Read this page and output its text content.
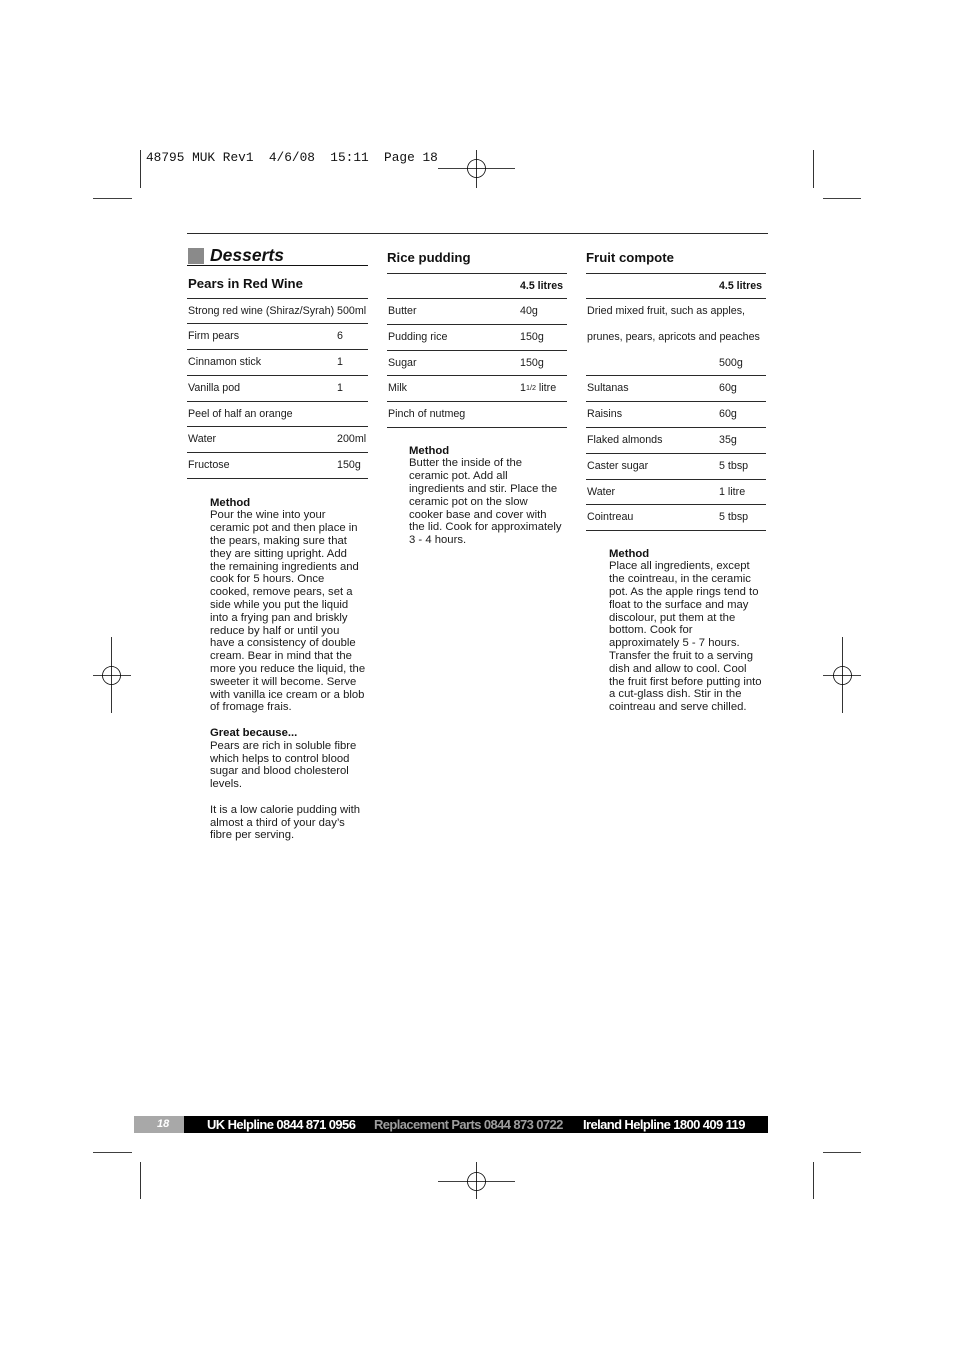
48795 MUK Rev1  4/6/08  15:11  Page 18
Desserts
Pears in Red Wine
Strong red wine (Shiraz/Syrah) 500ml
Firm pears	6
Cinnamon stick	1
Vanilla pod	1
Peel of half an orange
Water	200ml
Fructose	150g
Method
Pour the wine into your
ceramic pot and then place in
the pears, making sure that
they are sitting upright. Add
the remaining ingredients and
cook for 5 hours. Once
cooked, remove pears, set a
side while you put the liquid
into a frying pan and briskly
reduce by half or until you
have a consistency of double
cream. Bear in mind that the
more you reduce the liquid, the
sweeter it will become. Serve
with vanilla ice cream or a blob
of fromage frais.
Great because...
Pears are rich in soluble fibre
which helps to control blood
sugar and blood cholesterol
levels.
It is a low calorie pudding with
almost a third of your day’s
fibre per serving.
Rice pudding
4.5 litres
Butter	40g
Pudding rice	150g
Sugar	150g
Milk	11/2 litre
Pinch of nutmeg
Method
Butter the inside of the
ceramic pot. Add all
ingredients and stir. Place the
ceramic pot on the slow
cooker base and cover with
the lid. Cook for approximately
3 - 4 hours.
Fruit compote
4.5 litres
Dried mixed fruit, such as apples,
prunes, pears, apricots and peaches
500g
Sultanas	60g
Raisins	60g
Flaked almonds	35g
Caster sugar	5 tbsp
Water	1 litre
Cointreau	5 tbsp
Method
Place all ingredients, except
the cointreau, in the ceramic
pot. As the apple rings tend to
float to the surface and may
discolour, put them at the
bottom. Cook for
approximately 5 - 7 hours.
Transfer the fruit to a serving
dish and allow to cool. Cool
the fruit first before putting into
a cut-glass dish. Stir in the
cointreau and serve chilled.
18	UK Helpline 0844 871 0956 Replacement Parts 0844 873 0722 Ireland Helpline 1800 409 119
